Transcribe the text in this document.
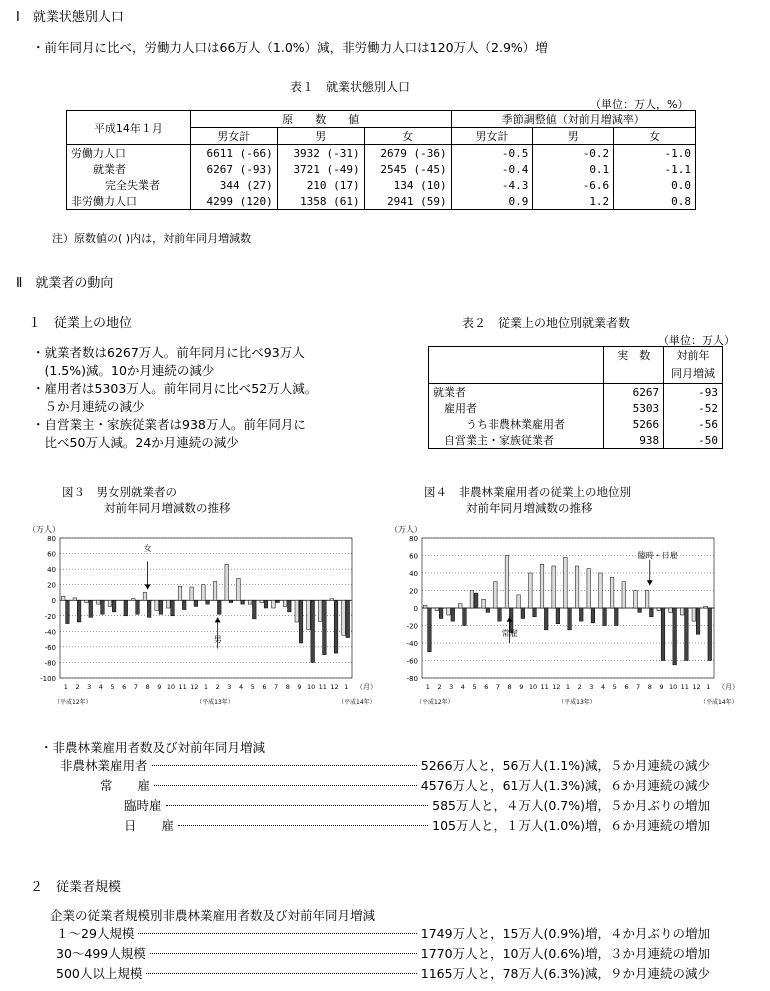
Ⅰ　就業状態別人口
・前年同月に比べ，労働力人口は66万人（1.0%）減，非労働力人口は120万人（2.9%）増
表１　就業状態別人口
（単位：万人，%）
平成14年１月	原　　数　　値			季節調整値（対前月増減率）		
	男女計	男	女	男女計	男	女
労働力人口	6611 (-66)	3932 (-31)	2679 (-36)	-0.5	-0.2	-1.0
就業者	6267 (-93)	3721 (-49)	2545 (-45)	-0.4	0.1	-1.1
完全失業者	344 (27)	210 (17)	134 (10)	-4.3	-6.6	0.0
非労働力人口	4299 (120)	1358 (61)	2941 (59)	0.9	1.2	0.8
注）原数値の( )内は，対前年同月増減数
Ⅱ　就業者の動向
１　従業上の地位
・就業者数は6267万人。前年同月に比べ93万人
　(1.5%)減。10か月連続の減少
・雇用者は5303万人。前年同月に比べ52万人減。
　５か月連続の減少
・自営業主・家族従業者は938万人。前年同月に
　比べ50万人減。24か月連続の減少
表２　従業上の地位別就業者数
（単位：万人）
	実　数	対前年
		同月増減
就業者	6267	-93
　雇用者	5303	-52
　　　うち非農林業雇用者	5266	-56
　自営業主・家族従業者	938	-50
図３　男女別就業者の
対前年同月増減数の推移
80
60
40
20
0
-20
-40
-60
-80
-100
（万人）
1 2 3 4 5 6 7 8 9 10 11 12 1 2 3 4 5 6 7 8 9 10 11 12 1 （月）
（平成12年）	（平成13年）	（平成14年）
女
男
図４　非農林業雇用者の従業上の地位別
対前年同月増減数の推移
80
60
40
20
0
-20
-40
-60
-80
（万人）
1 2 3 4 5 6 7 8 9 10 11 12 1 2 3 4 5 6 7 8 9 10 11 12 1 （月）
（平成12年）	（平成13年）	（平成14年）
臨時・日雇
常雇
・非農林業雇用者数及び対前年同月増減
非農林業雇用者	5266万人と，56万人(1.1%)減，５か月連続の減少
常　　雇	4576万人と，61万人(1.3%)減，６か月連続の減少
臨時雇	585万人と，４万人(0.7%)増，５か月ぶりの増加
日　　雇	105万人と，１万人(1.0%)増，６か月連続の増加
２　従業者規模
企業の従業者規模別非農林業雇用者数及び対前年同月増減
１～29人規模	1749万人と，15万人(0.9%)増，４か月ぶりの増加
30～499人規模	1770万人と，10万人(0.6%)増，３か月連続の増加
500人以上規模	1165万人と，78万人(6.3%)減，９か月連続の減少
